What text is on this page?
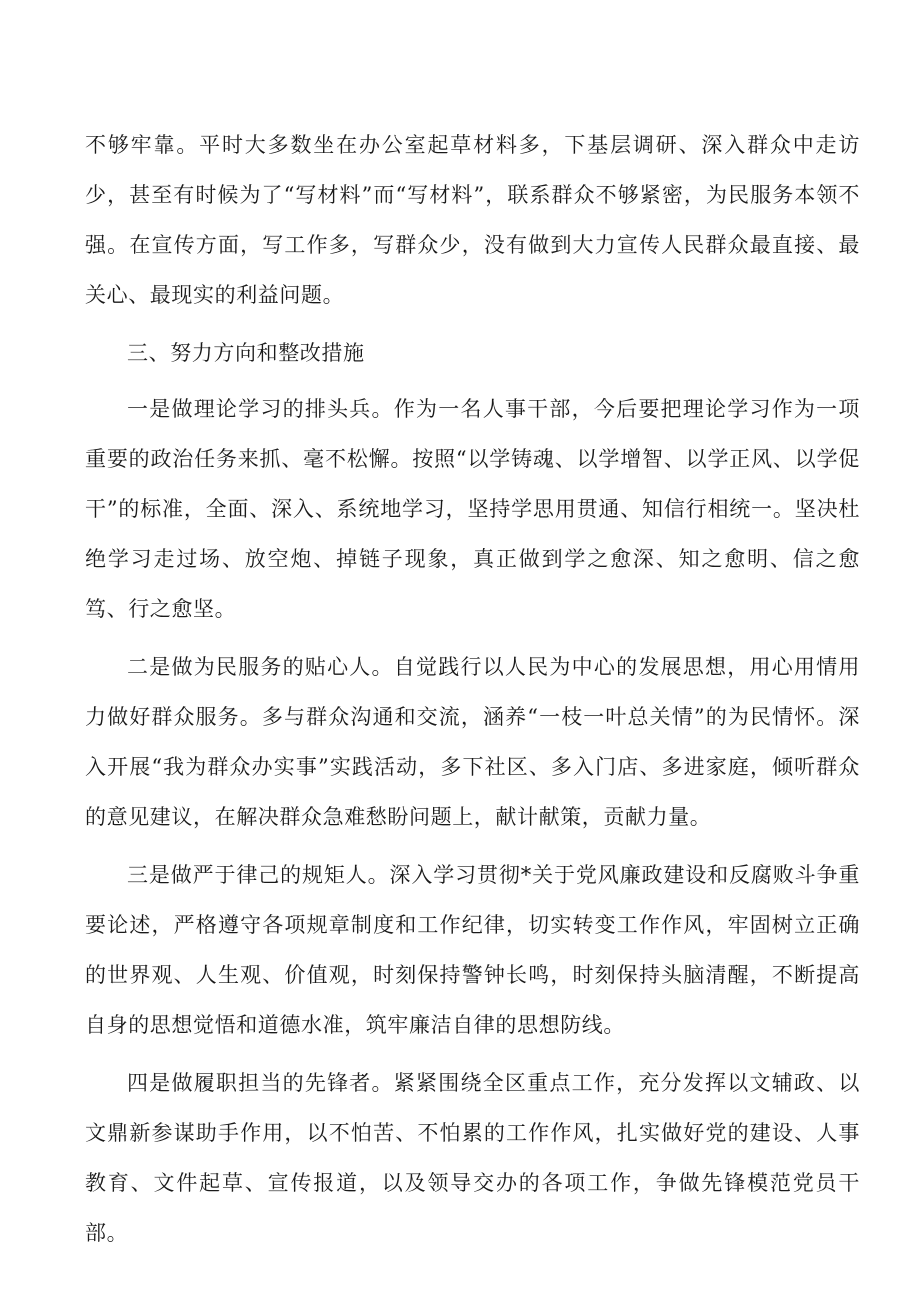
不够牢靠。平时大多数坐在办公室起草材料多，下基层调研、深入群众中走访少，甚至有时候为了“写材料”而“写材料”，联系群众不够紧密，为民服务本领不强。在宣传方面，写工作多，写群众少，没有做到大力宣传人民群众最直接、最关心、最现实的利益问题。

三、努力方向和整改措施

一是做理论学习的排头兵。作为一名人事干部，今后要把理论学习作为一项重要的政治任务来抓、毫不松懈。按照“以学铸魂、以学增智、以学正风、以学促干”的标准，全面、深入、系统地学习，坚持学思用贯通、知信行相统一。坚决杜绝学习走过场、放空炮、掉链子现象，真正做到学之愈深、知之愈明、信之愈笃、行之愈坚。

二是做为民服务的贴心人。自觉践行以人民为中心的发展思想，用心用情用力做好群众服务。多与群众沟通和交流，涵养“一枝一叶总关情”的为民情怀。深入开展“我为群众办实事”实践活动，多下社区、多入门店、多进家庭，倾听群众的意见建议，在解决群众急难愁盼问题上，献计献策，贡献力量。

三是做严于律己的规矩人。深入学习贯彻*关于党风廉政建设和反腐败斗争重要论述，严格遵守各项规章制度和工作纪律，切实转变工作作风，牢固树立正确的世界观、人生观、价值观，时刻保持警钟长鸣，时刻保持头脑清醒，不断提高自身的思想觉悟和道德水准，筑牢廉洁自律的思想防线。

四是做履职担当的先锋者。紧紧围绕全区重点工作，充分发挥以文辅政、以文鼎新参谋助手作用，以不怕苦、不怕累的工作作风，扎实做好党的建设、人事教育、文件起草、宣传报道，以及领导交办的各项工作，争做先锋模范党员干部。
